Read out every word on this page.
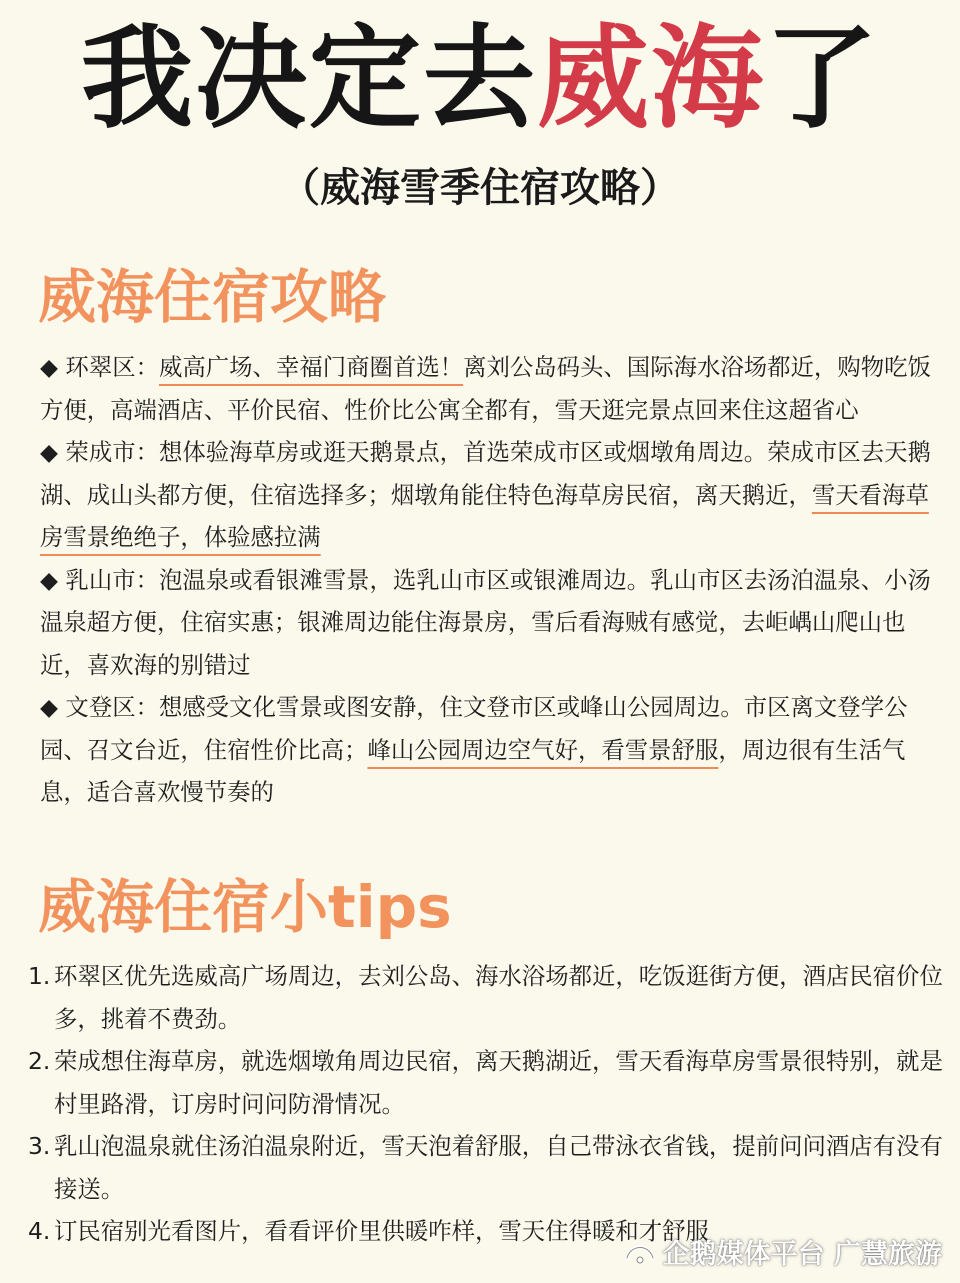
我决定去威海了
（威海雪季住宿攻略）
威海住宿攻略

◆ 环翠区：威高广场、幸福门商圈首选！离刘公岛码头、国际海水浴场都近，购物吃饭方便，高端酒店、平价民宿、性价比公寓全都有，雪天逛完景点回来住这超省心

◆ 荣成市：想体验海草房或逛天鹅景点，首选荣成市区或烟墩角周边。荣成市区去天鹅湖、成山头都方便，住宿选择多；烟墩角能住特色海草房民宿，离天鹅近，雪天看海草房雪景绝绝子，体验感拉满

◆ 乳山市：泡温泉或看银滩雪景，选乳山市区或银滩周边。乳山市区去汤泊温泉、小汤温泉超方便，住宿实惠；银滩周边能住海景房，雪后看海贼有感觉，去岠嵎山爬山也近，喜欢海的别错过

◆ 文登区：想感受文化雪景或图安静，住文登市区或峰山公园周边。市区离文登学公园、召文台近，住宿性价比高；峰山公园周边空气好，看雪景舒服，周边很有生活气息，适合喜欢慢节奏的

威海住宿小tips
1. 环翠区优先选威高广场周边，去刘公岛、海水浴场都近，吃饭逛街方便，酒店民宿价位多，挑着不费劲。
2. 荣成想住海草房，就选烟墩角周边民宿，离天鹅湖近，雪天看海草房雪景很特别，就是村里路滑，订房时问问防滑情况。
3. 乳山泡温泉就住汤泊温泉附近，雪天泡着舒服，自己带泳衣省钱，提前问问酒店有没有接送。
4. 订民宿别光看图片，看看评价里供暖咋样，雪天住得暖和才舒服
企鹅媒体平台 广慧旅游
